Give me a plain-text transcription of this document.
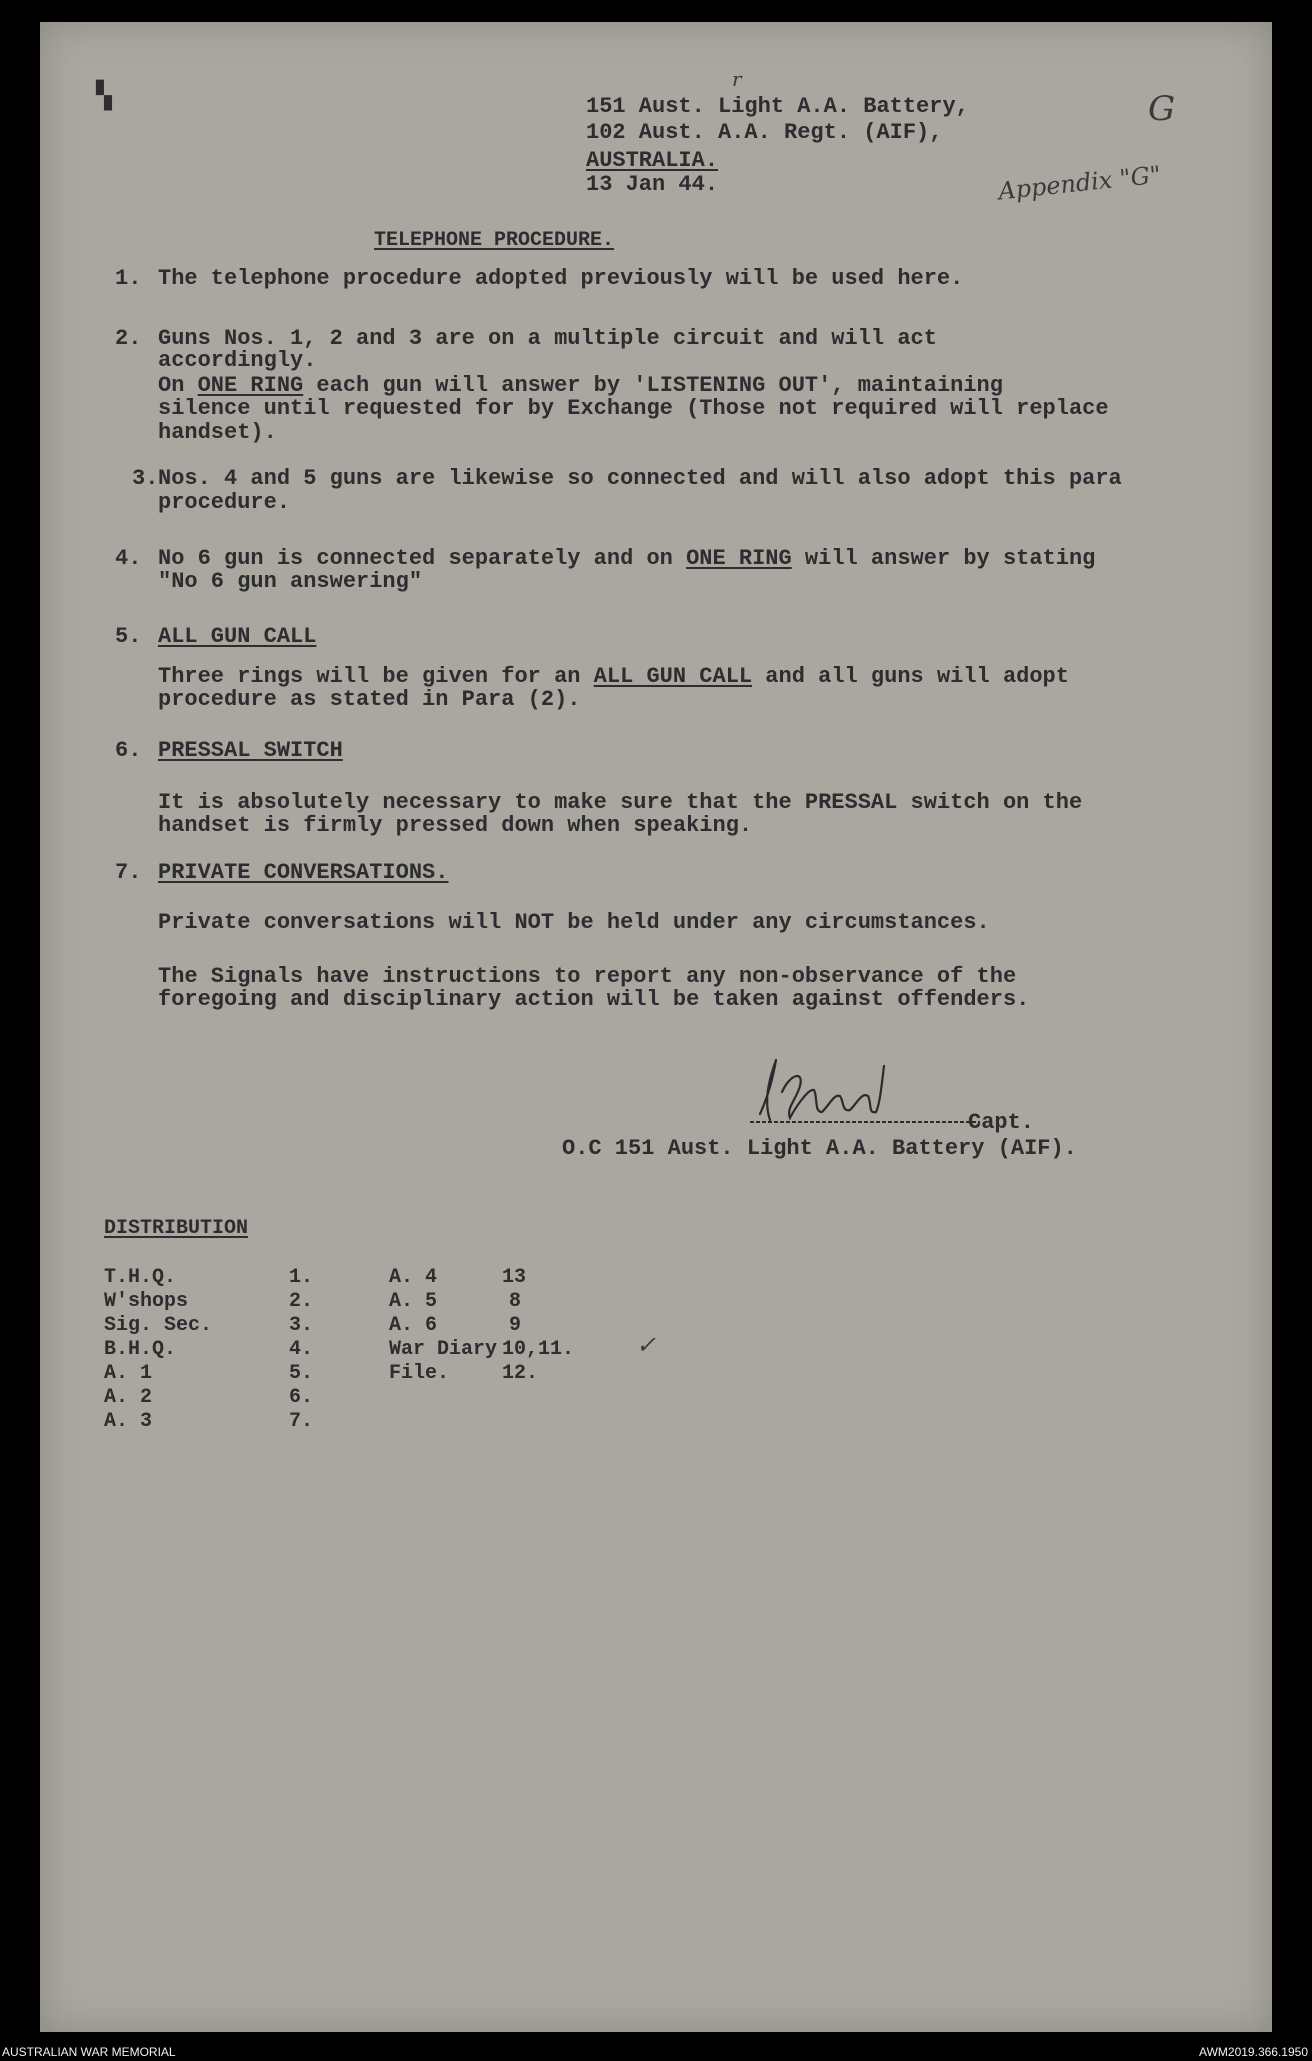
▚	G
r
151 Aust. Light A.A. Battery,
102 Aust. A.A. Regt. (AIF),
AUSTRALIA.
13 Jan 44.	Appendix "G"
TELEPHONE PROCEDURE.
1. The telephone procedure adopted previously will be used here.
2. Guns Nos. 1, 2 and 3 are on a multiple circuit and will act
accordingly.
On ONE RING each gun will answer by 'LISTENING OUT', maintaining
silence until requested for by Exchange (Those not required will replace
handset).
3. Nos. 4 and 5 guns are likewise so connected and will also adopt this para
procedure.
4. No 6 gun is connected separately and on ONE RING will answer by stating
"No 6 gun answering"
5. ALL GUN CALL
Three rings will be given for an ALL GUN CALL and all guns will adopt
procedure as stated in Para (2).
6. PRESSAL SWITCH
It is absolutely necessary to make sure that the PRESSAL switch on the
handset is firmly pressed down when speaking.
7. PRIVATE CONVERSATIONS.
Private conversations will NOT be held under any circumstances.
The Signals have instructions to report any non-observance of the
foregoing and disciplinary action will be taken against offenders.
Capt.
O.C 151 Aust. Light A.A. Battery (AIF).
DISTRIBUTION
T.H.Q.	1.	A. 4	13
W'shops	2.	A. 5	8
Sig. Sec.	3.	A. 6	9
B.H.Q.	4.	War Diary 10,11.
A. 1	5.	File.	12.
A. 2	6.
A. 3	7.
✓
AUSTRALIAN WAR MEMORIAL	AWM2019.366.1950
